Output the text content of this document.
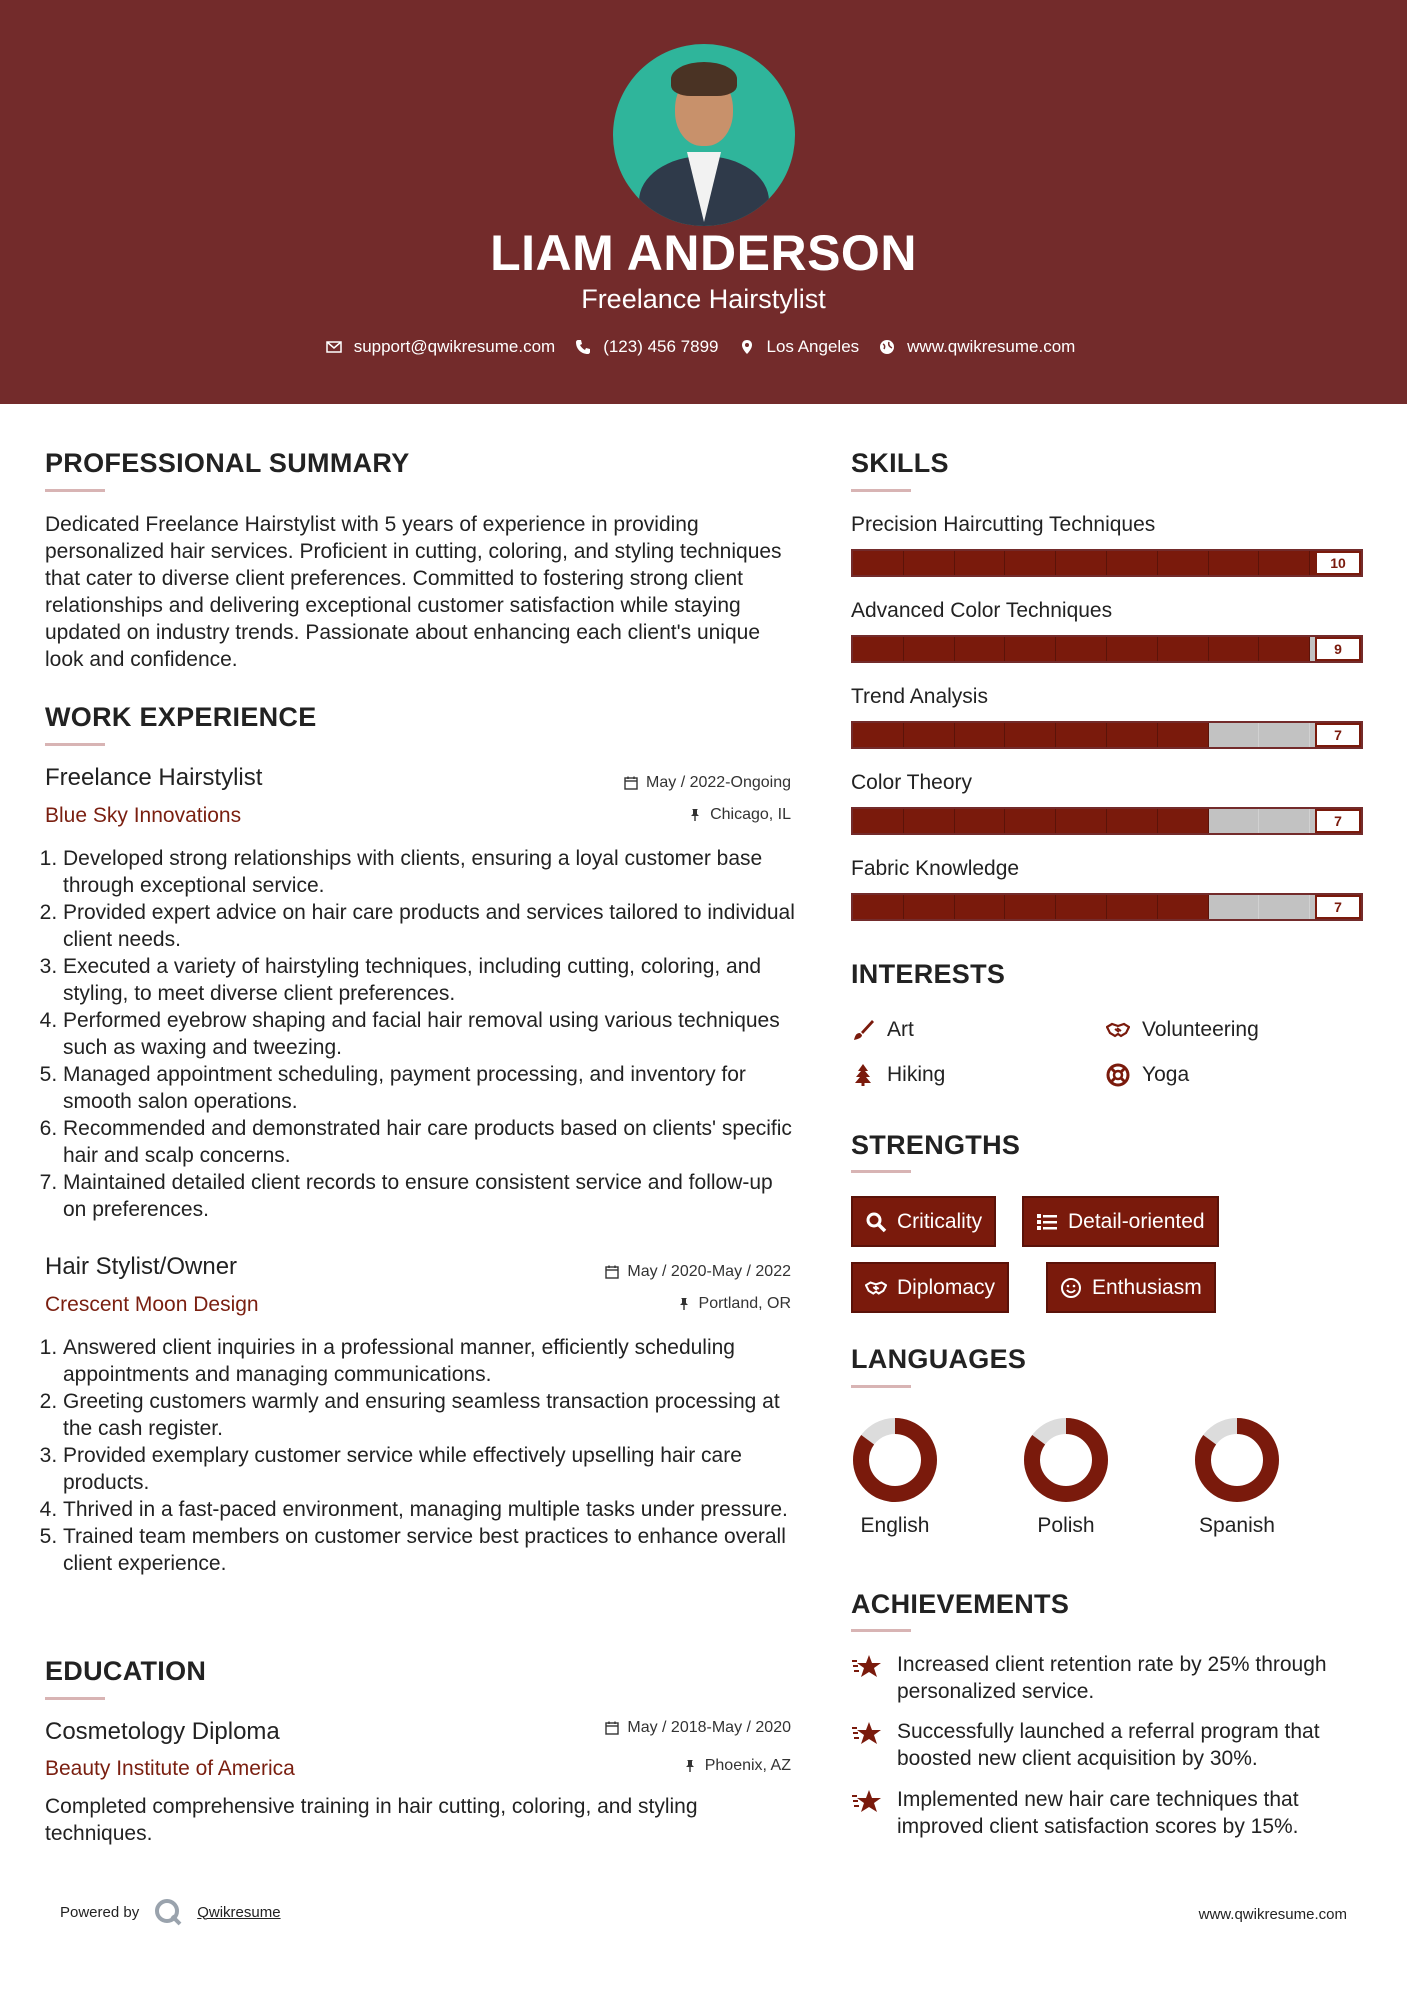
LIAM ANDERSON
Freelance Hairstylist
support@qwikresume.com	(123) 456 7899	Los Angeles	www.qwikresume.com
PROFESSIONAL SUMMARY
Dedicated Freelance Hairstylist with 5 years of experience in providing personalized hair services. Proficient in cutting, coloring, and styling techniques that cater to diverse client preferences. Committed to fostering strong client relationships and delivering exceptional customer satisfaction while staying updated on industry trends. Passionate about enhancing each client's unique look and confidence.
WORK EXPERIENCE
Freelance Hairstylist	May / 2022-Ongoing
Blue Sky Innovations	Chicago, IL
1. Developed strong relationships with clients, ensuring a loyal customer base through exceptional service.
2. Provided expert advice on hair care products and services tailored to individual client needs.
3. Executed a variety of hairstyling techniques, including cutting, coloring, and styling, to meet diverse client preferences.
4. Performed eyebrow shaping and facial hair removal using various techniques such as waxing and tweezing.
5. Managed appointment scheduling, payment processing, and inventory for smooth salon operations.
6. Recommended and demonstrated hair care products based on clients' specific hair and scalp concerns.
7. Maintained detailed client records to ensure consistent service and follow-up on preferences.
Hair Stylist/Owner	May / 2020-May / 2022
Crescent Moon Design	Portland, OR
1. Answered client inquiries in a professional manner, efficiently scheduling appointments and managing communications.
2. Greeting customers warmly and ensuring seamless transaction processing at the cash register.
3. Provided exemplary customer service while effectively upselling hair care products.
4. Thrived in a fast-paced environment, managing multiple tasks under pressure.
5. Trained team members on customer service best practices to enhance overall client experience.
EDUCATION
Cosmetology Diploma	May / 2018-May / 2020
Beauty Institute of America	Phoenix, AZ
Completed comprehensive training in hair cutting, coloring, and styling techniques.
SKILLS
Precision Haircutting Techniques
10
Advanced Color Techniques
9
Trend Analysis
7
Color Theory
7
Fabric Knowledge
7
INTERESTS
Art	Volunteering
Hiking	Yoga
STRENGTHS
Criticality	Detail-oriented
Diplomacy	Enthusiasm
LANGUAGES
English	Polish	Spanish
ACHIEVEMENTS
Increased client retention rate by 25% through personalized service.
Successfully launched a referral program that boosted new client acquisition by 30%.
Implemented new hair care techniques that improved client satisfaction scores by 15%.
Powered by	Qwikresume	www.qwikresume.com
